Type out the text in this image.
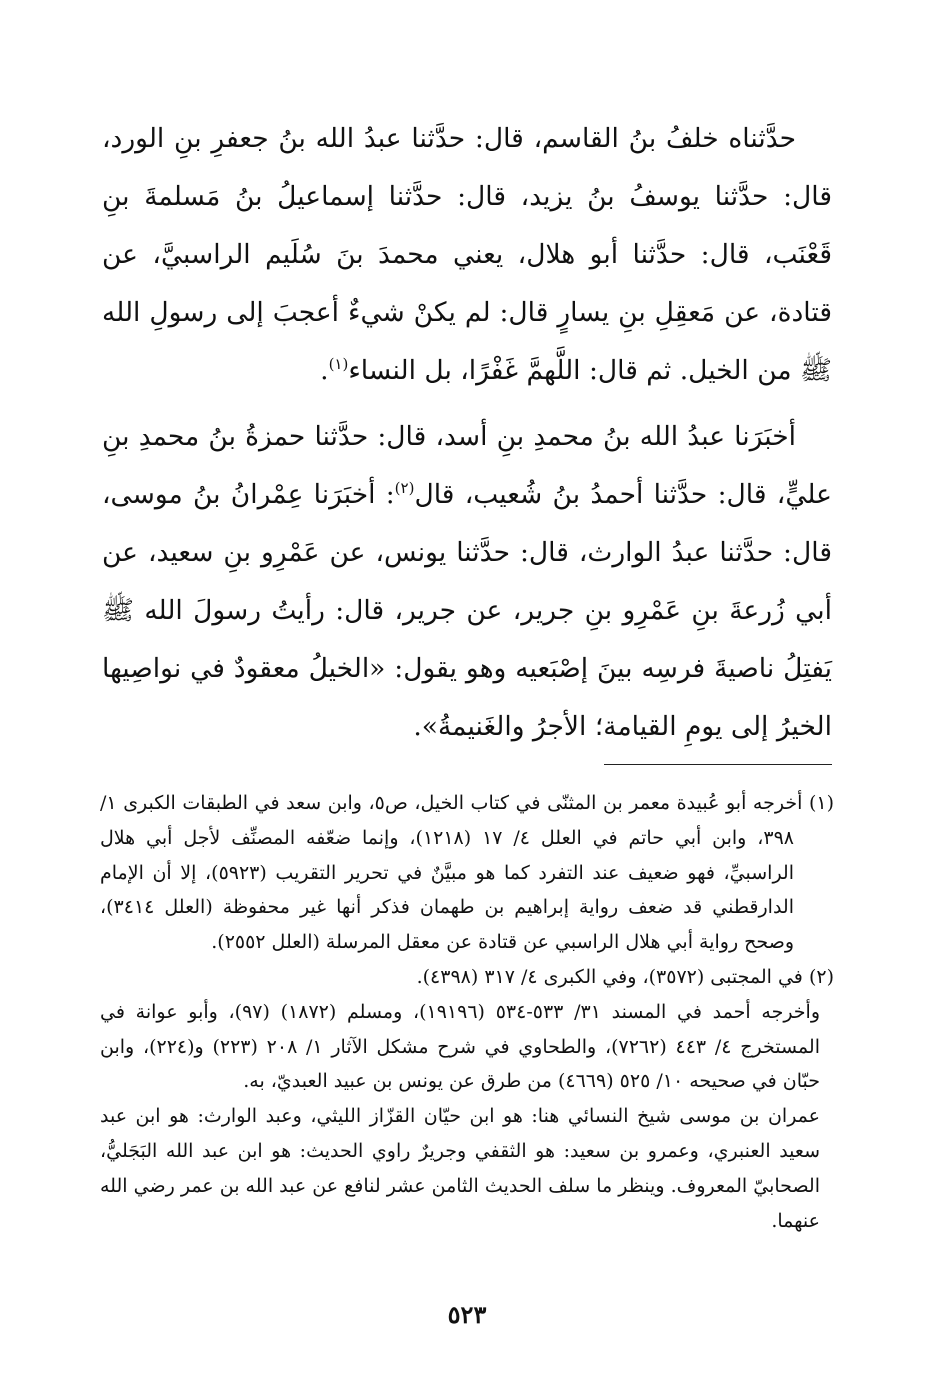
حدَّثناه خلفُ بنُ القاسم، قال: حدَّثنا عبدُ الله بنُ جعفرِ بنِ الورد، قال: حدَّثنا يوسفُ بنُ يزيد، قال: حدَّثنا إسماعيلُ بنُ مَسلمةَ بنِ قَعْنَب، قال: حدَّثنا أبو هلال، يعني محمدَ بنَ سُلَيم الراسبيَّ، عن قتادة، عن مَعقِلِ بنِ يسارٍ قال: لم يكنْ شيءٌ أعجبَ إلى رسولِ الله ﷺ من الخيل. ثم قال: اللَّهمَّ غَفْرًا، بل النساء$^{(١)}$.

أخبَرَنا عبدُ الله بنُ محمدِ بنِ أسد، قال: حدَّثنا حمزةُ بنُ محمدِ بنِ عليٍّ، قال: حدَّثنا أحمدُ بنُ شُعيب، قال$^{(٢)}$: أخبَرَنا عِمْرانُ بنُ موسى، قال: حدَّثنا عبدُ الوارث، قال: حدَّثنا يونس، عن عَمْرِو بنِ سعيد، عن أبي زُرعةَ بنِ عَمْرِو بنِ جرير، عن جرير، قال: رأيتُ رسولَ الله ﷺ يَفتِلُ ناصيةَ فرسِه بينَ إصْبَعيه وهو يقول: «الخيلُ معقودٌ في نواصِيها الخيرُ إلى يومِ القيامة؛ الأجرُ والغَنيمةُ».

(١) أخرجه أبو عُبيدة معمر بن المثنّى في كتاب الخيل، ص٥، وابن سعد في الطبقات الكبرى ١/ ٣٩٨، وابن أبي حاتم في العلل ٤/ ١٧ (١٢١٨)، وإنما ضعّفه المصنِّف لأجل أبي هلال الراسبيِّ، فهو ضعيف عند التفرد كما هو مبيَّنٌ في تحرير التقريب (٥٩٢٣)، إلا أن الإمام الدارقطني قد ضعف رواية إبراهيم بن طهمان فذكر أنها غير محفوظة (العلل ٣٤١٤)، وصحح رواية أبي هلال الراسبي عن قتادة عن معقل المرسلة (العلل ٢٥٥٢).

(٢) في المجتبى (٣٥٧٢)، وفي الكبرى ٤/ ٣١٧ (٤٣٩٨).

وأخرجه أحمد في المسند ٣١/ ٥٣٣-٥٣٤ (١٩١٩٦)، ومسلم (١٨٧٢) (٩٧)، وأبو عوانة في المستخرج ٤/ ٤٤٣ (٧٢٦٢)، والطحاوي في شرح مشكل الآثار ١/ ٢٠٨ (٢٢٣) و(٢٢٤)، وابن حبّان في صحيحه ١٠/ ٥٢٥ (٤٦٦٩) من طرق عن يونس بن عبيد العبديّ، به.

عمران بن موسى شيخ النسائي هنا: هو ابن حيّان القزّاز الليثي، وعبد الوارث: هو ابن عبد سعيد العنبري، وعمرو بن سعيد: هو الثقفي وجريرٌ راوي الحديث: هو ابن عبد الله البَجَليُّ، الصحابيّ المعروف. وينظر ما سلف الحديث الثامن عشر لنافع عن عبد الله بن عمر رضي الله عنهما.

٥٢٣
